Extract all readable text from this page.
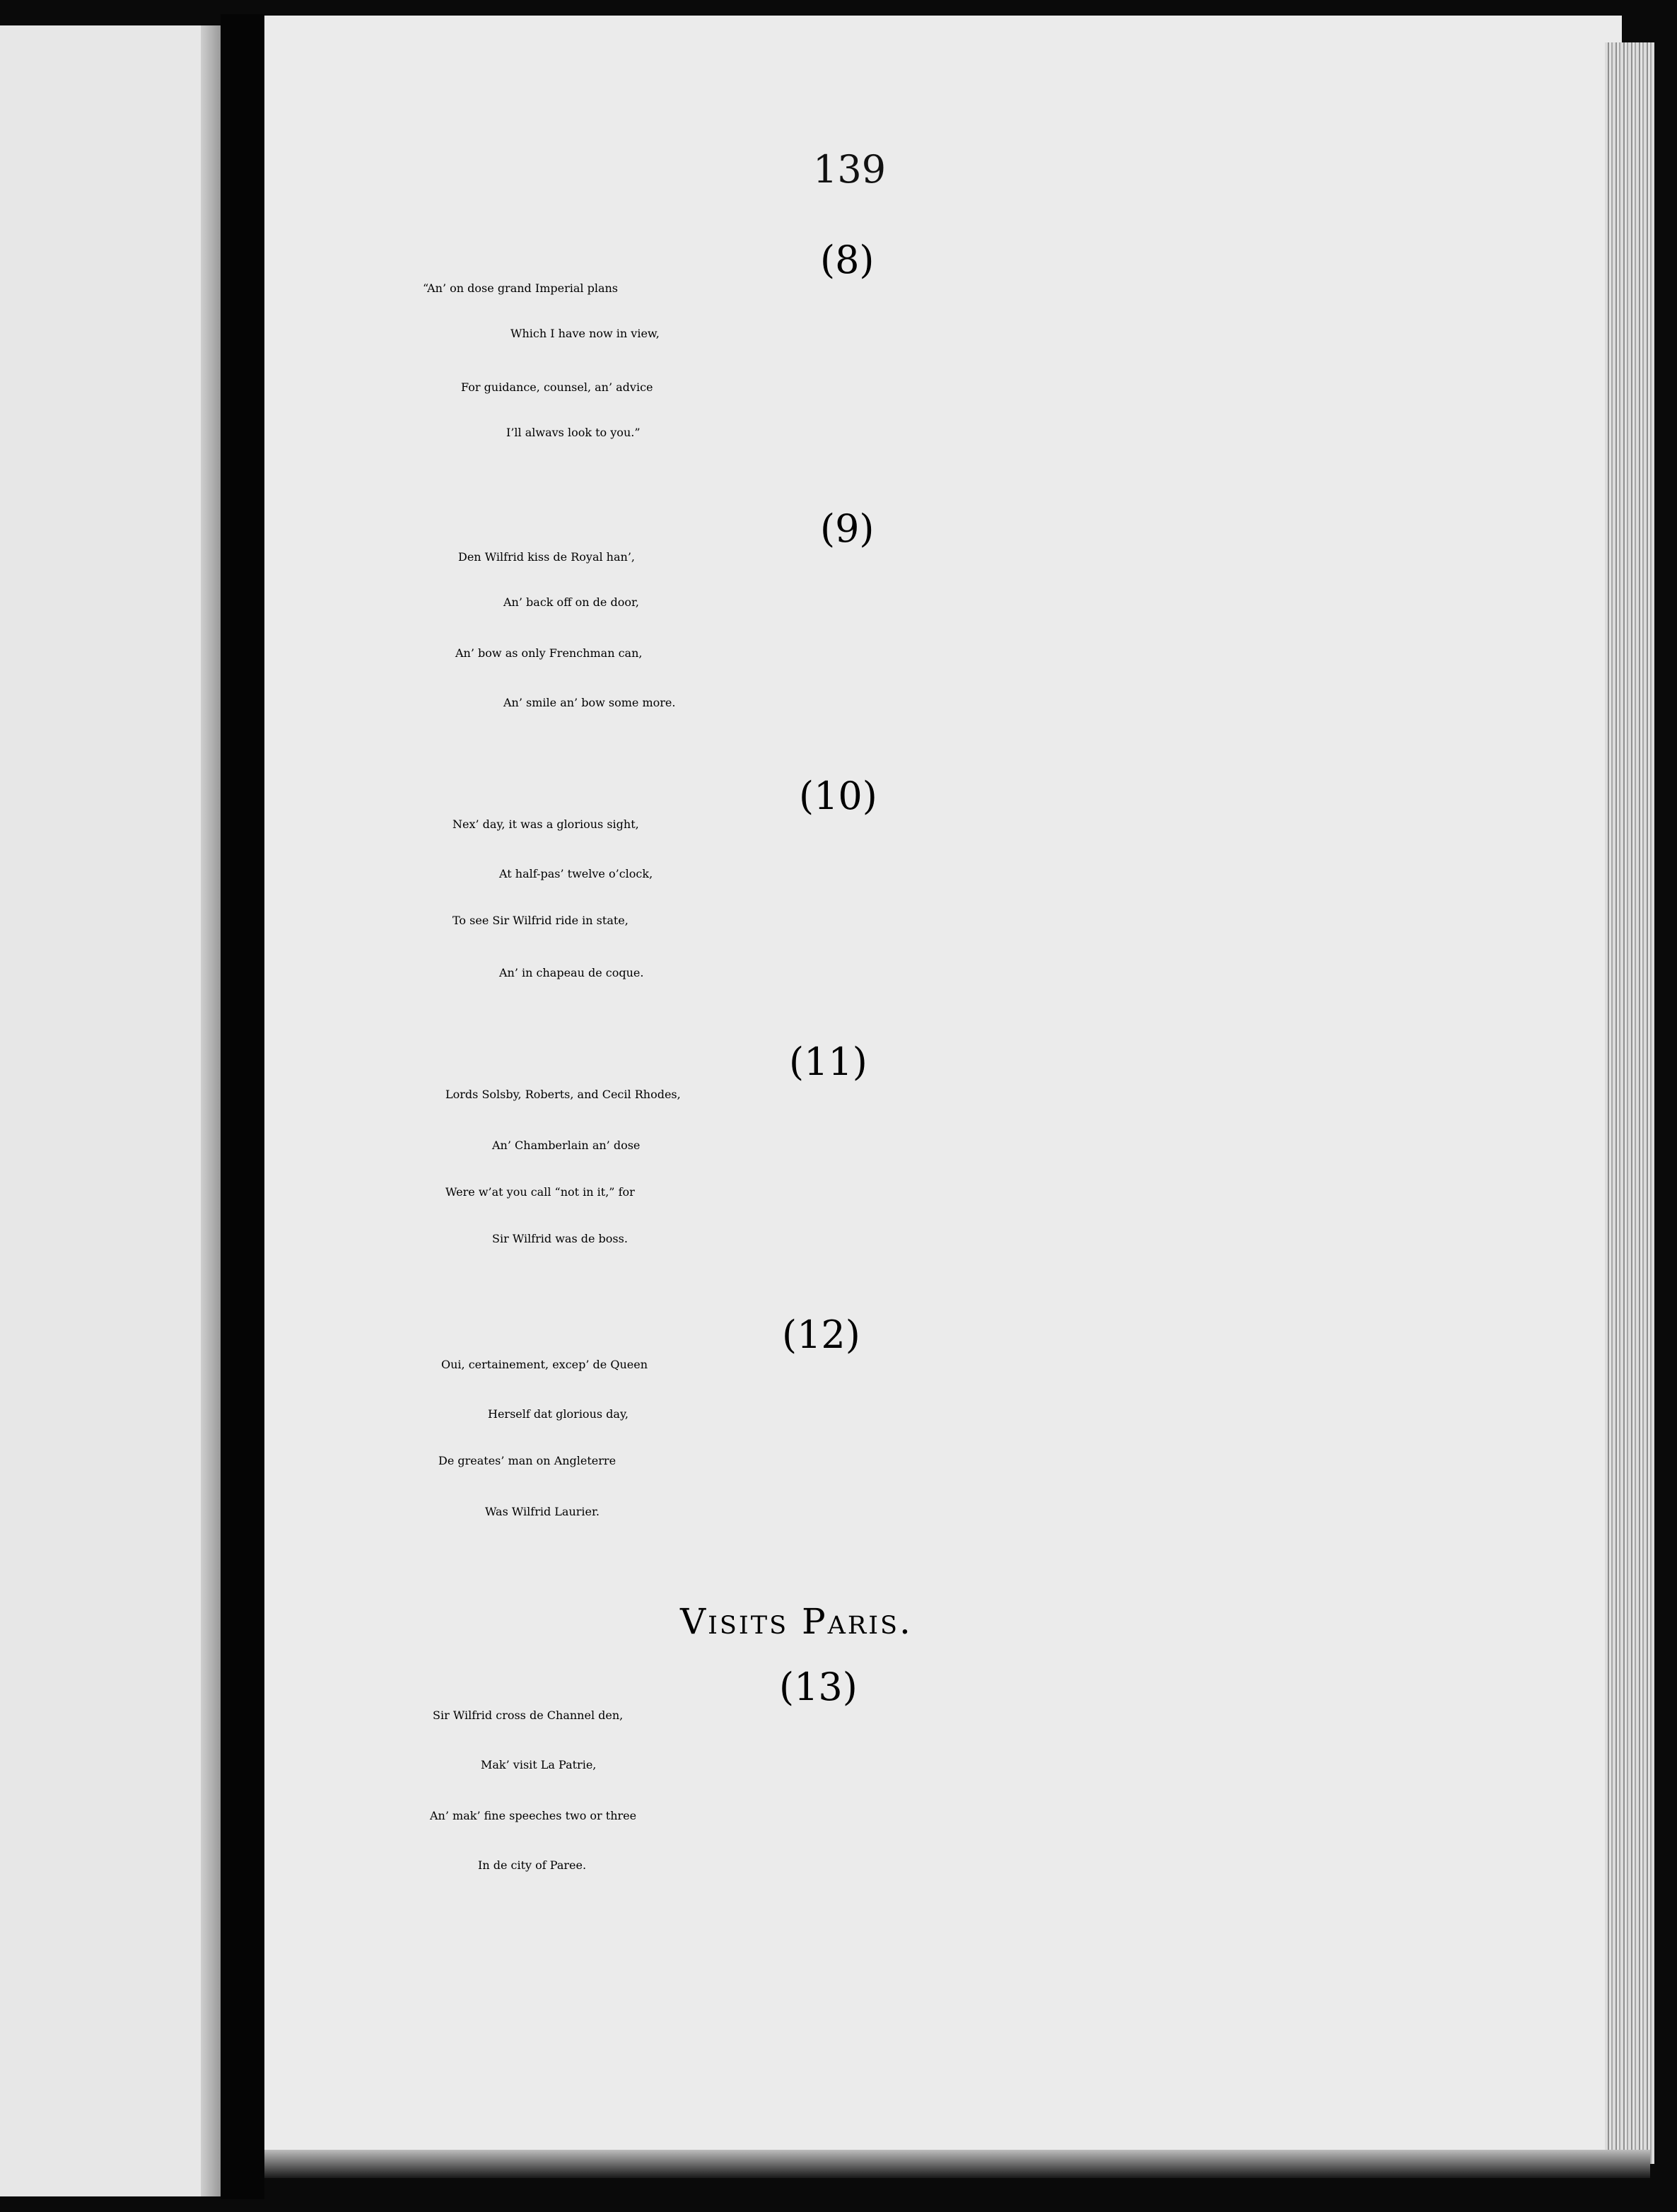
139
(8)
“An’ on dose grand Imperial plans
Which I have now in view,
For guidance, counsel, an’ advice
I’ll alwavs look to you.”
(9)
Den Wilfrid kiss de Royal han’,
An’ back off on de door,
An’ bow as only Frenchman can,
An’ smile an’ bow some more.
(10)
Nex’ day, it was a glorious sight,
At half-pas’ twelve o’clock,
To see Sir Wilfrid ride in state,
An’ in chapeau de coque.
(11)
Lords Solsby, Roberts, and Cecil Rhodes,
An’ Chamberlain an’ dose
Were w’at you call “not in it,” for
Sir Wilfrid was de boss.
(12)
Oui, certainement, excep’ de Queen
Herself dat glorious day,
De greates’ man on Angleterre
Was Wilfrid Laurier.
Visits Paris.
(13)
Sir Wilfrid cross de Channel den,
Mak’ visit La Patrie,
An’ mak’ fine speeches two or three
In de city of Paree.
